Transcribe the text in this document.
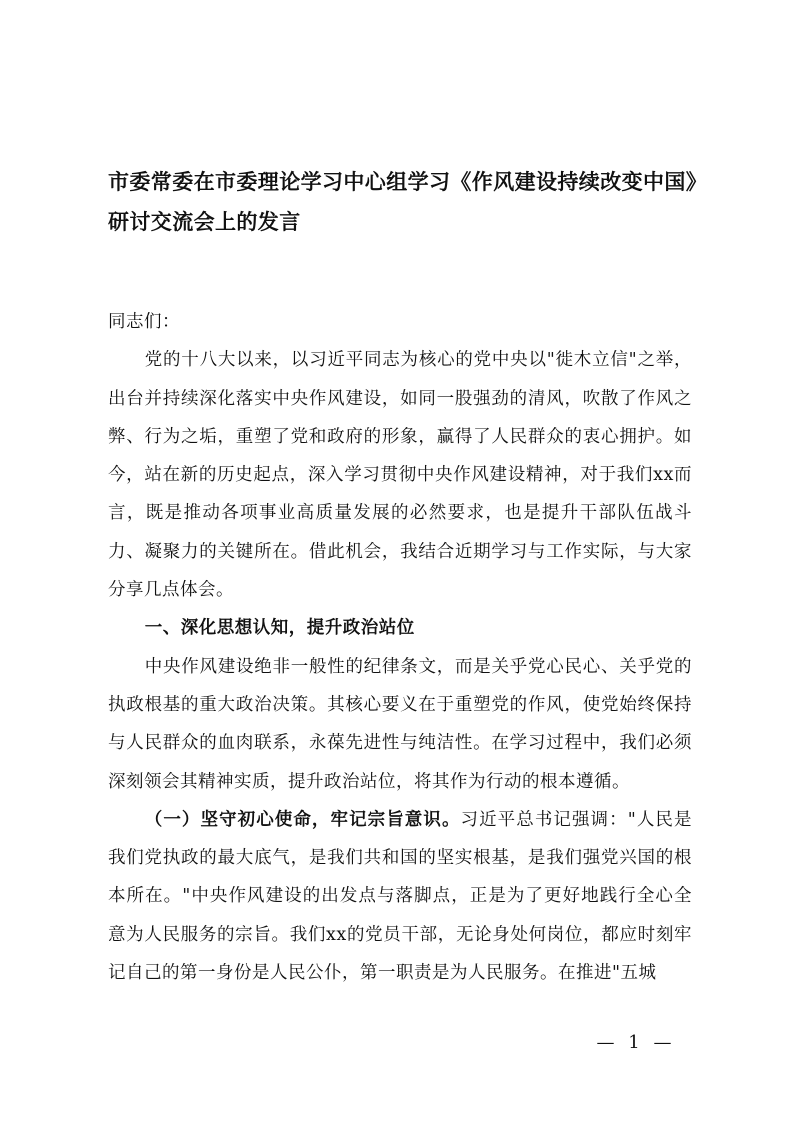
市委常委在市委理论学习中心组学习《作风建设持续改变中国》研讨交流会上的发言

同志们：

党的十八大以来，以习近平同志为核心的党中央以"徙木立信"之举，出台并持续深化落实中央作风建设，如同一股强劲的清风，吹散了作风之弊、行为之垢，重塑了党和政府的形象，赢得了人民群众的衷心拥护。如今，站在新的历史起点，深入学习贯彻中央作风建设精神，对于我们xx而言，既是推动各项事业高质量发展的必然要求，也是提升干部队伍战斗力、凝聚力的关键所在。借此机会，我结合近期学习与工作实际，与大家分享几点体会。

一、深化思想认知，提升政治站位

中央作风建设绝非一般性的纪律条文，而是关乎党心民心、关乎党的执政根基的重大政治决策。其核心要义在于重塑党的作风，使党始终保持与人民群众的血肉联系，永葆先进性与纯洁性。在学习过程中，我们必须深刻领会其精神实质，提升政治站位，将其作为行动的根本遵循。

（一）坚守初心使命，牢记宗旨意识。习近平总书记强调："人民是我们党执政的最大底气，是我们共和国的坚实根基，是我们强党兴国的根本所在。"中央作风建设的出发点与落脚点，正是为了更好地践行全心全意为人民服务的宗旨。我们xx的党员干部，无论身处何岗位，都应时刻牢记自己的第一身份是人民公仆，第一职责是为人民服务。在推进"五城

— 1 —
